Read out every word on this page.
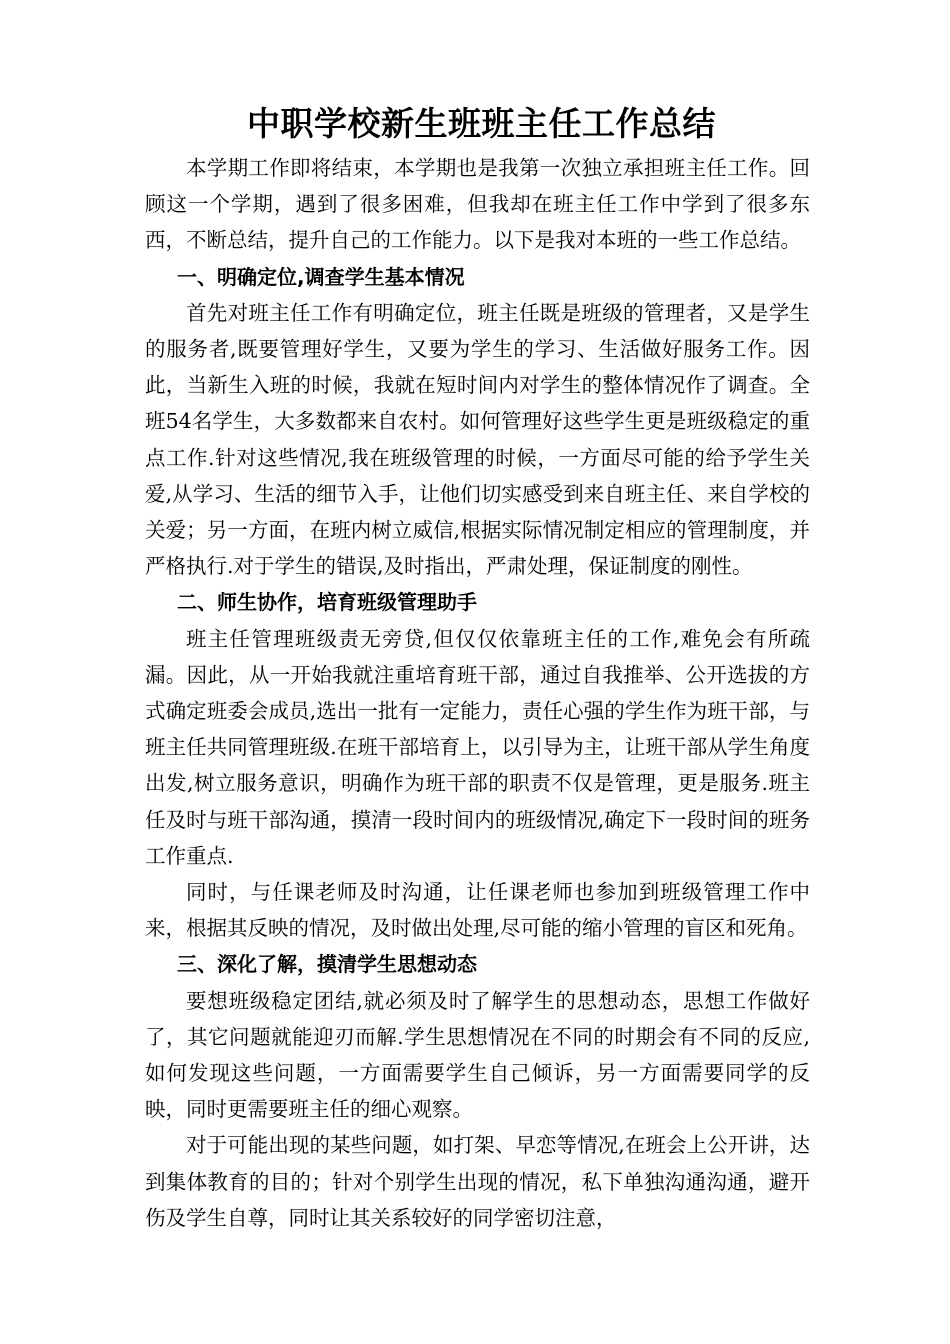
中职学校新生班班主任工作总结

本学期工作即将结束，本学期也是我第一次独立承担班主任工作。回顾这一个学期，遇到了很多困难，但我却在班主任工作中学到了很多东西，不断总结，提升自己的工作能力。以下是我对本班的一些工作总结。

一、明确定位,调查学生基本情况

首先对班主任工作有明确定位，班主任既是班级的管理者，又是学生的服务者,既要管理好学生，又要为学生的学习、生活做好服务工作。因此，当新生入班的时候，我就在短时间内对学生的整体情况作了调查。全班54名学生，大多数都来自农村。如何管理好这些学生更是班级稳定的重点工作.针对这些情况,我在班级管理的时候，一方面尽可能的给予学生关爱,从学习、生活的细节入手，让他们切实感受到来自班主任、来自学校的关爱；另一方面，在班内树立威信,根据实际情况制定相应的管理制度，并严格执行.对于学生的错误,及时指出，严肃处理，保证制度的刚性。

二、师生协作，培育班级管理助手

班主任管理班级责无旁贷,但仅仅依靠班主任的工作,难免会有所疏漏。因此，从一开始我就注重培育班干部，通过自我推举、公开选拔的方式确定班委会成员,选出一批有一定能力，责任心强的学生作为班干部，与班主任共同管理班级.在班干部培育上，以引导为主，让班干部从学生角度出发,树立服务意识，明确作为班干部的职责不仅是管理，更是服务.班主任及时与班干部沟通，摸清一段时间内的班级情况,确定下一段时间的班务工作重点.

同时，与任课老师及时沟通，让任课老师也参加到班级管理工作中来，根据其反映的情况，及时做出处理,尽可能的缩小管理的盲区和死角。

三、深化了解，摸清学生思想动态

要想班级稳定团结,就必须及时了解学生的思想动态，思想工作做好了，其它问题就能迎刃而解.学生思想情况在不同的时期会有不同的反应,如何发现这些问题，一方面需要学生自己倾诉，另一方面需要同学的反映，同时更需要班主任的细心观察。

对于可能出现的某些问题，如打架、早恋等情况,在班会上公开讲，达到集体教育的目的；针对个别学生出现的情况，私下单独沟通沟通，避开伤及学生自尊，同时让其关系较好的同学密切注意，
